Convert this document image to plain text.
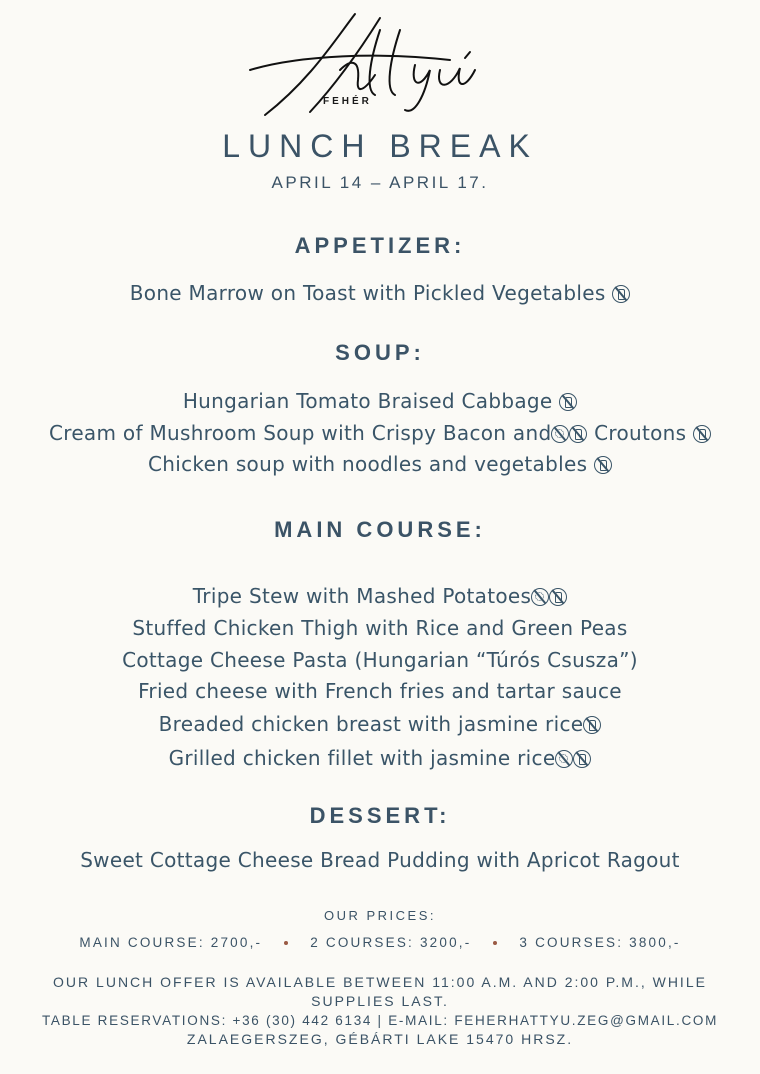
FEHÉR
LUNCH BREAK
APRIL 14 – APRIL 17.
APPETIZER:
Bone Marrow on Toast with Pickled Vegetables
SOUP:
Hungarian Tomato Braised Cabbage
Cream of Mushroom Soup with Crispy Bacon and Croutons
Chicken soup with noodles and vegetables
MAIN COURSE:
Tripe Stew with Mashed Potatoes
Stuffed Chicken Thigh with Rice and Green Peas
Cottage Cheese Pasta (Hungarian “Túrós Csusza”)
Fried cheese with French fries and tartar sauce
Breaded chicken breast with jasmine rice
Grilled chicken fillet with jasmine rice
DESSERT:
Sweet Cottage Cheese Bread Pudding with Apricot Ragout
OUR PRICES:
MAIN COURSE: 2700,-	2 COURSES: 3200,-	3 COURSES: 3800,-
OUR LUNCH OFFER IS AVAILABLE BETWEEN 11:00 A.M. AND 2:00 P.M., WHILE
SUPPLIES LAST.
TABLE RESERVATIONS: +36 (30) 442 6134 | E-MAIL: FEHERHATTYU.ZEG@GMAIL.COM
ZALAEGERSZEG, GÉBÁRTI LAKE 15470 HRSZ.
